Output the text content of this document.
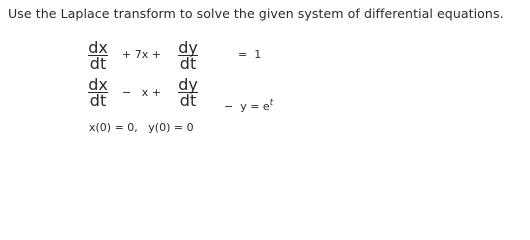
Use the Laplace transform to solve the given system of differential equations.
dx
dt + 7x + dy
dt	=  1
dx
dt −   x + dy
dt	−  $y = e^t$

x(0) = 0, y(0) = 0
